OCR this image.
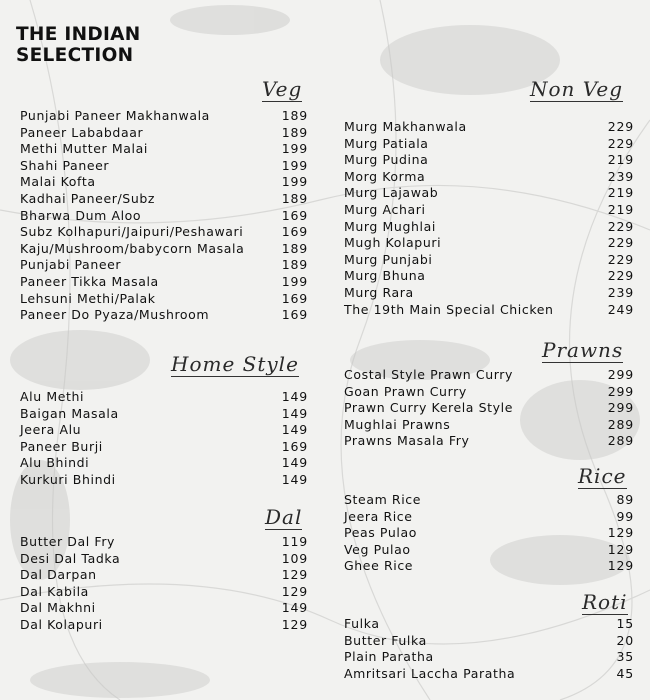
THE INDIAN
SELECTION
Veg
Punjabi Paneer Makhanwala	189
Paneer Lababdaar	189
Methi Mutter Malai	199
Shahi Paneer	199
Malai Kofta	199
Kadhai Paneer/Subz	189
Bharwa Dum Aloo	169
Subz Kolhapuri/Jaipuri/Peshawari	169
Kaju/Mushroom/babycorn Masala	189
Punjabi Paneer	189
Paneer Tikka Masala	199
Lehsuni Methi/Palak	169
Paneer Do Pyaza/Mushroom	169
Home Style
Alu Methi	149
Baigan Masala	149
Jeera Alu	149
Paneer Burji	169
Alu Bhindi	149
Kurkuri Bhindi	149
Dal
Butter Dal Fry	119
Desi Dal Tadka	109
Dal Darpan	129
Dal Kabila	129
Dal Makhni	149
Dal Kolapuri	129
Non Veg
Murg Makhanwala	229
Murg Patiala	229
Murg Pudina	219
Morg Korma	239
Murg Lajawab	219
Murg Achari	219
Murg Mughlai	229
Mugh Kolapuri	229
Murg Punjabi	229
Murg Bhuna	229
Murg Rara	239
The 19th Main Special Chicken	249
Prawns
Costal Style Prawn Curry	299
Goan Prawn Curry	299
Prawn Curry Kerela Style	299
Mughlai Prawns	289
Prawns Masala Fry	289
Rice
Steam Rice	89
Jeera Rice	99
Peas Pulao	129
Veg Pulao	129
Ghee Rice	129
Roti
Fulka	15
Butter Fulka	20
Plain Paratha	35
Amritsari Laccha Paratha	45
